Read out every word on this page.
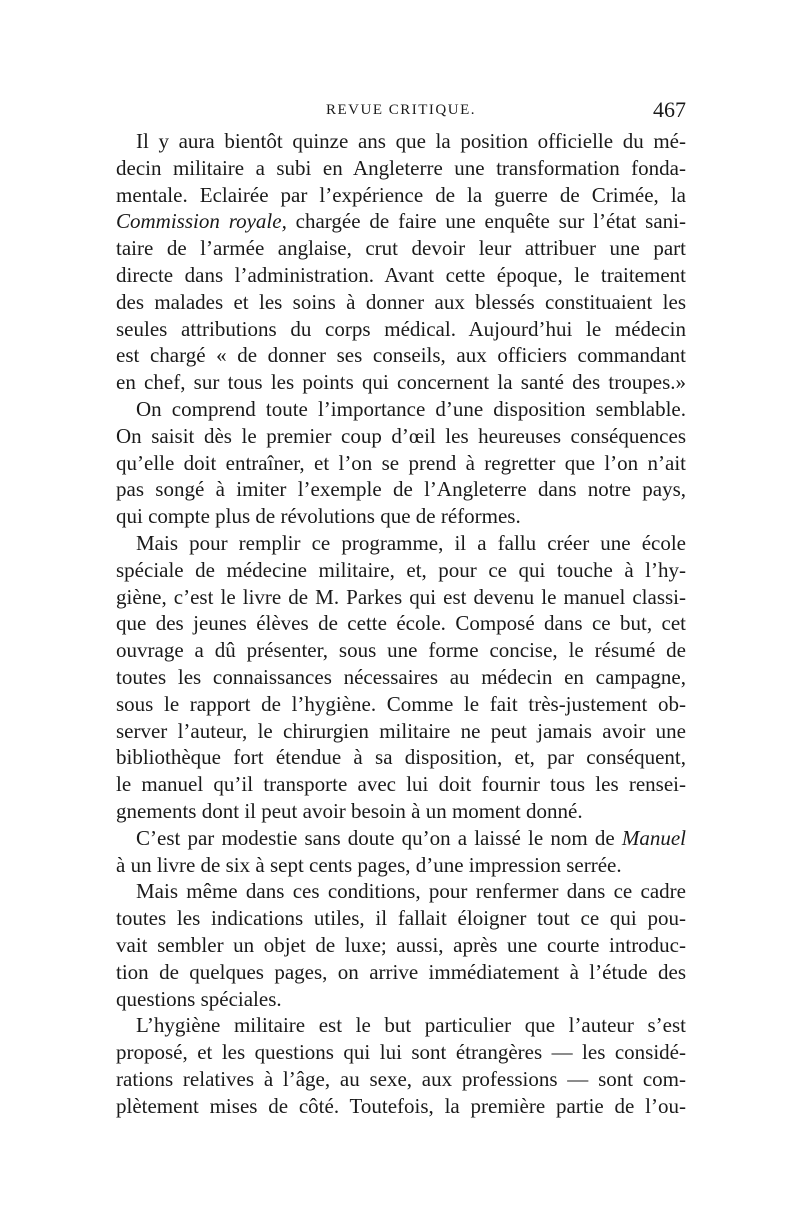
REVUE CRITIQUE.	467
Il y aura bientôt quinze ans que la position officielle du mé-
decin militaire a subi en Angleterre une transformation fonda-
mentale. Eclairée par l’expérience de la guerre de Crimée, la
Commission royale, chargée de faire une enquête sur l’état sani-
taire de l’armée anglaise, crut devoir leur attribuer une part
directe dans l’administration. Avant cette époque, le traitement
des malades et les soins à donner aux blessés constituaient les
seules attributions du corps médical. Aujourd’hui le médecin
est chargé « de donner ses conseils, aux officiers commandant
en chef, sur tous les points qui concernent la santé des troupes.»
On comprend toute l’importance d’une disposition semblable.
On saisit dès le premier coup d’œil les heureuses conséquences
qu’elle doit entraîner, et l’on se prend à regretter que l’on n’ait
pas songé à imiter l’exemple de l’Angleterre dans notre pays,
qui compte plus de révolutions que de réformes.
Mais pour remplir ce programme, il a fallu créer une école
spéciale de médecine militaire, et, pour ce qui touche à l’hy-
giène, c’est le livre de M. Parkes qui est devenu le manuel classi-
que des jeunes élèves de cette école. Composé dans ce but, cet
ouvrage a dû présenter, sous une forme concise, le résumé de
toutes les connaissances nécessaires au médecin en campagne,
sous le rapport de l’hygiène. Comme le fait très-justement ob-
server l’auteur, le chirurgien militaire ne peut jamais avoir une
bibliothèque fort étendue à sa disposition, et, par conséquent,
le manuel qu’il transporte avec lui doit fournir tous les rensei-
gnements dont il peut avoir besoin à un moment donné.
C’est par modestie sans doute qu’on a laissé le nom de Manuel
à un livre de six à sept cents pages, d’une impression serrée.
Mais même dans ces conditions, pour renfermer dans ce cadre
toutes les indications utiles, il fallait éloigner tout ce qui pou-
vait sembler un objet de luxe; aussi, après une courte introduc-
tion de quelques pages, on arrive immédiatement à l’étude des
questions spéciales.
L’hygiène militaire est le but particulier que l’auteur s’est
proposé, et les questions qui lui sont étrangères — les considé-
rations relatives à l’âge, au sexe, aux professions — sont com-
plètement mises de côté. Toutefois, la première partie de l’ou-
